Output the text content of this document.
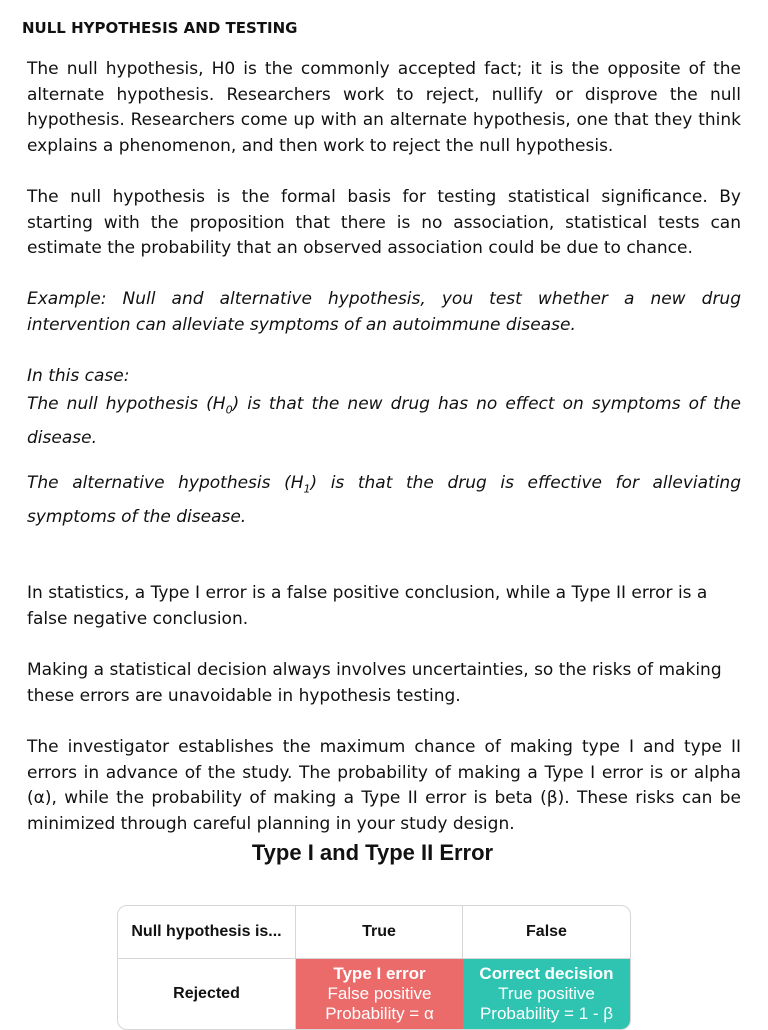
NULL HYPOTHESIS AND TESTING

The null hypothesis, H0 is the commonly accepted fact; it is the opposite of the alternate hypothesis. Researchers work to reject, nullify or disprove the null hypothesis. Researchers come up with an alternate hypothesis, one that they think explains a phenomenon, and then work to reject the null hypothesis.

The null hypothesis is the formal basis for testing statistical significance. By starting with the proposition that there is no association, statistical tests can estimate the probability that an observed association could be due to chance.

Example: Null and alternative hypothesis, you test whether a new drug intervention can alleviate symptoms of an autoimmune disease.

In this case:
The null hypothesis $(H_0)$ is that the new drug has no effect on symptoms of the disease.
The alternative hypothesis $(H_1)$ is that the drug is effective for alleviating symptoms of the disease.

In statistics, a Type I error is a false positive conclusion, while a Type II error is a false negative conclusion.

Making a statistical decision always involves uncertainties, so the risks of making these errors are unavoidable in hypothesis testing.

The investigator establishes the maximum chance of making type I and type II errors in advance of the study. The probability of making a Type I error is or alpha (α), while the probability of making a Type II error is beta (β). These risks can be minimized through careful planning in your study design.

Type I and Type II Error
Null hypothesis is...	True	False
Rejected
Type I error
False positive
Probability = α
Correct decision
True positive
Probability = 1 - β
